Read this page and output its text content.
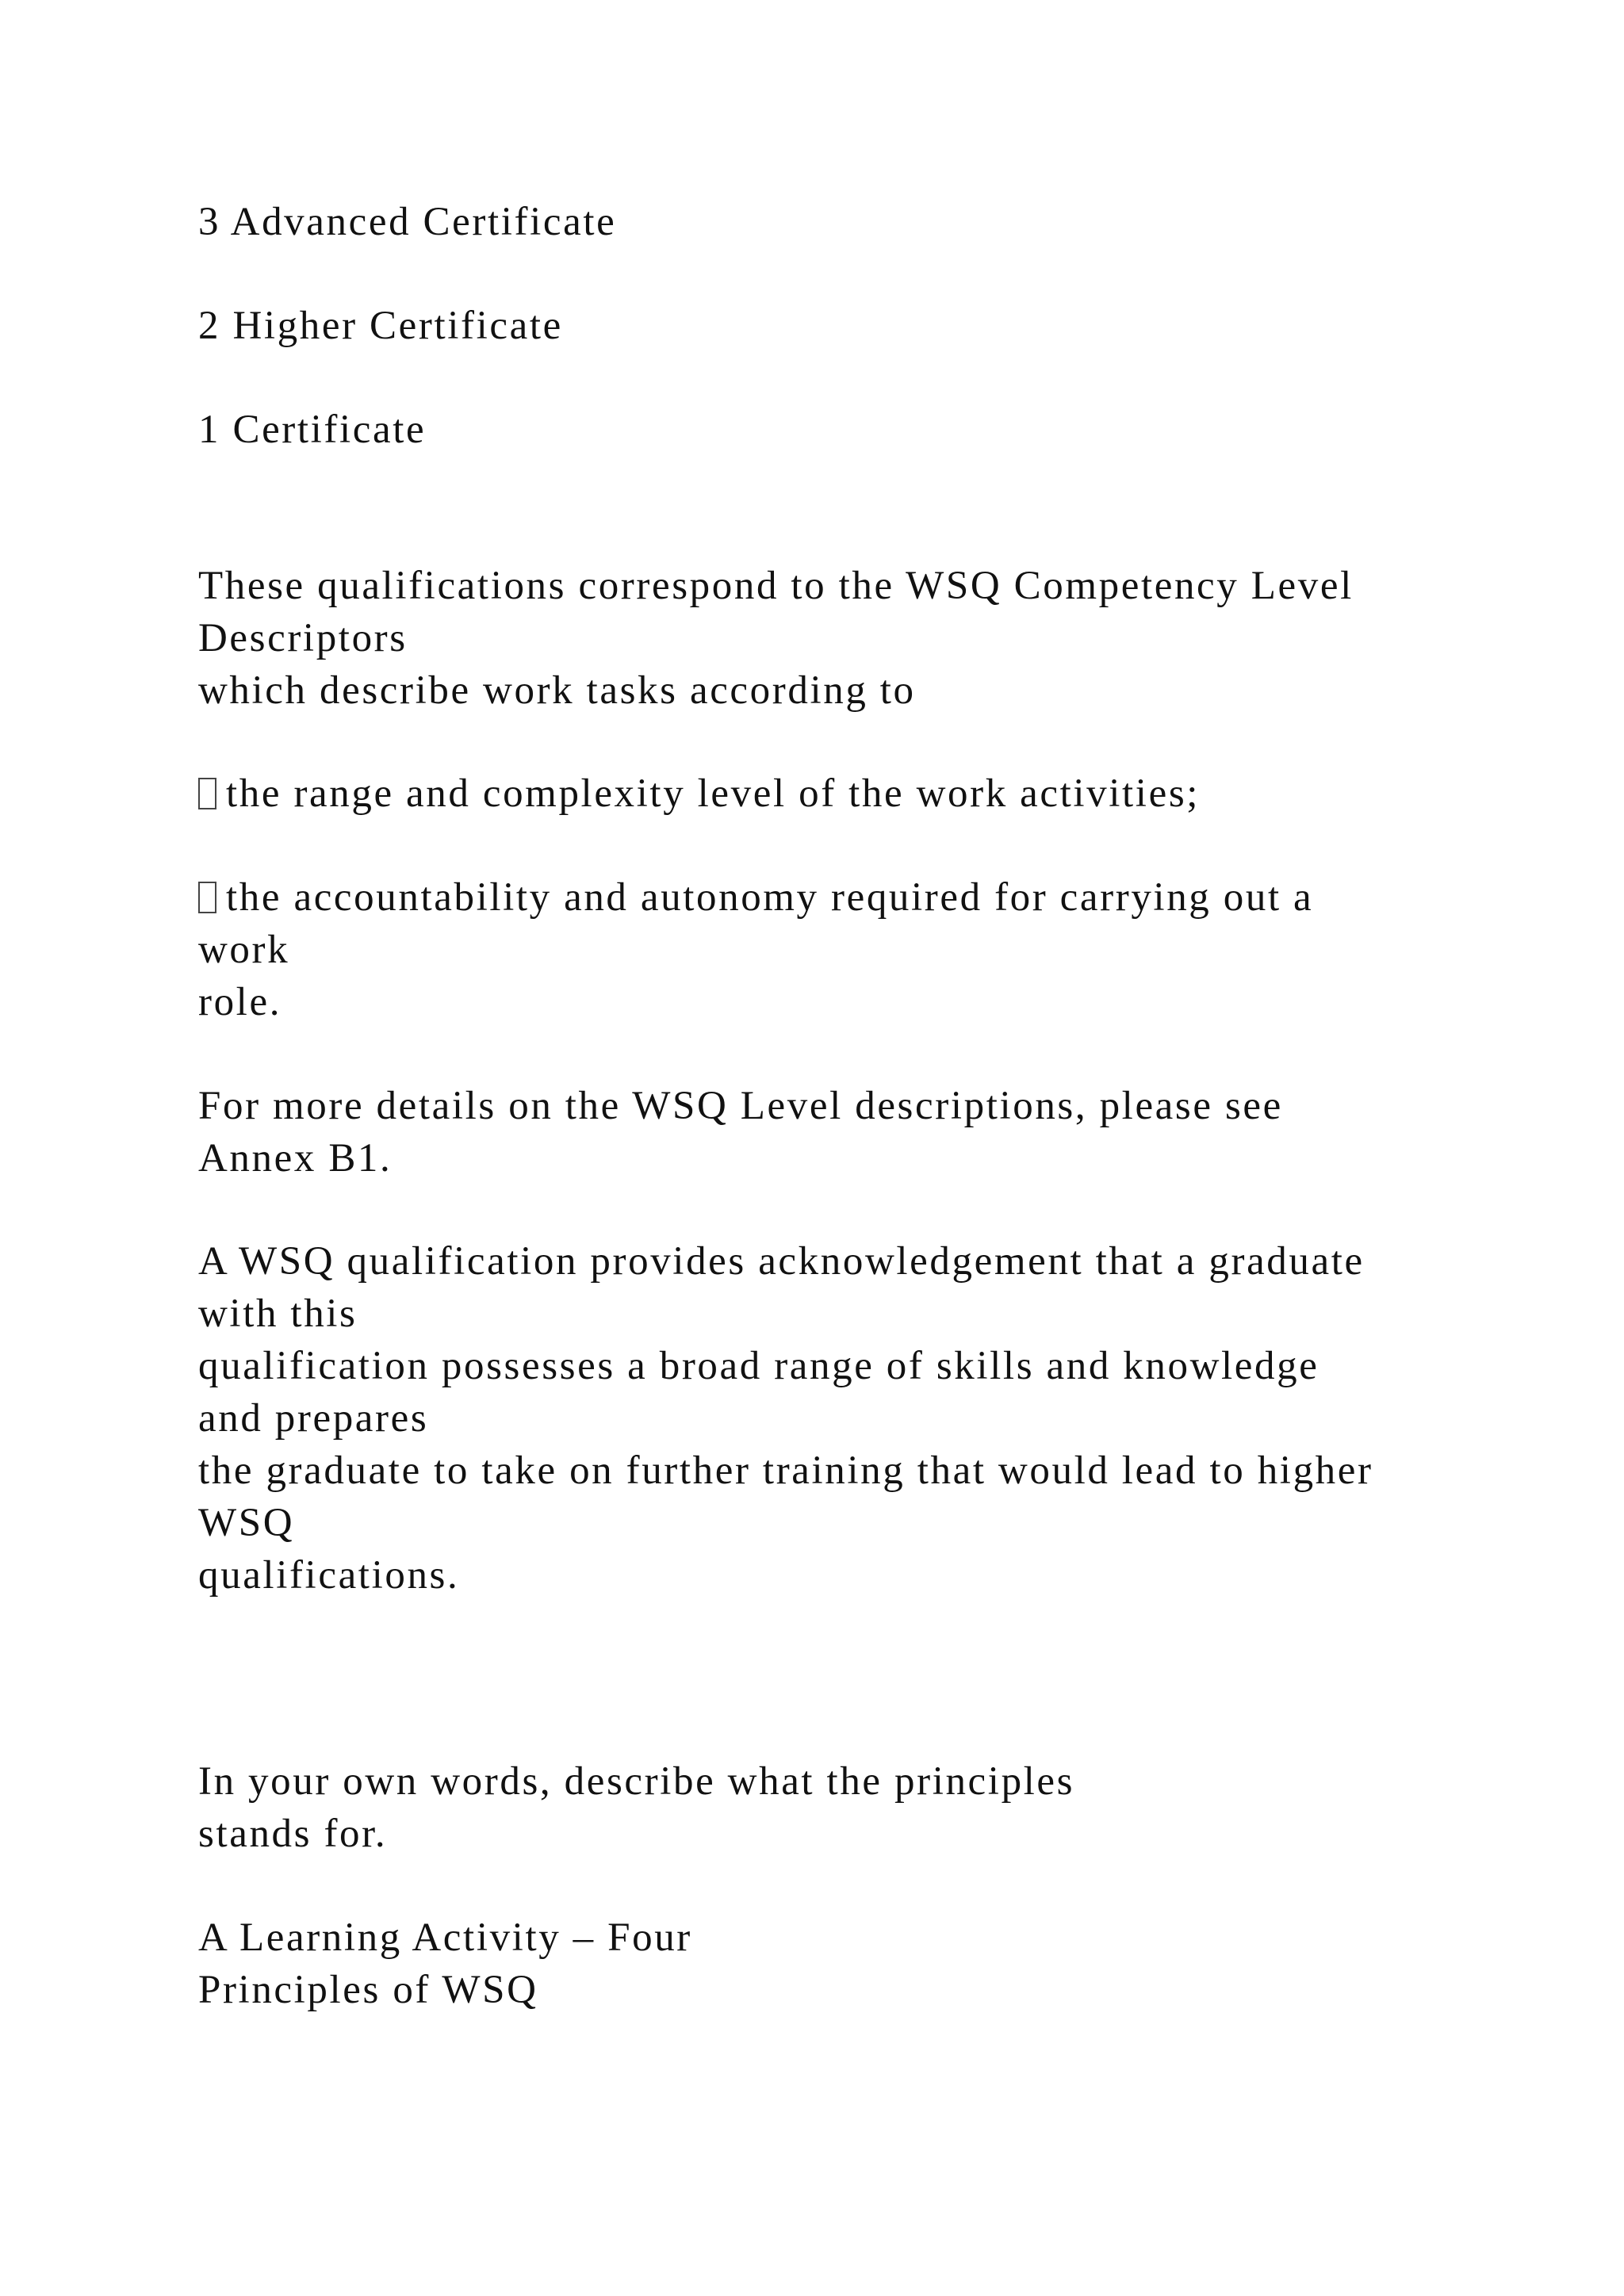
3 Advanced Certificate
2 Higher Certificate
1 Certificate
These qualifications correspond to the WSQ Competency Level
Descriptors
which describe work tasks according to
the range and complexity level of the work activities;
the accountability and autonomy required for carrying out a
work
role.
For more details on the WSQ Level descriptions, please see
Annex B1.
A WSQ qualification provides acknowledgement that a graduate
with this
qualification possesses a broad range of skills and knowledge
and prepares
the graduate to take on further training that would lead to higher
WSQ
qualifications.
In your own words, describe what the principles
stands for.
A Learning Activity – Four
Principles of WSQ
